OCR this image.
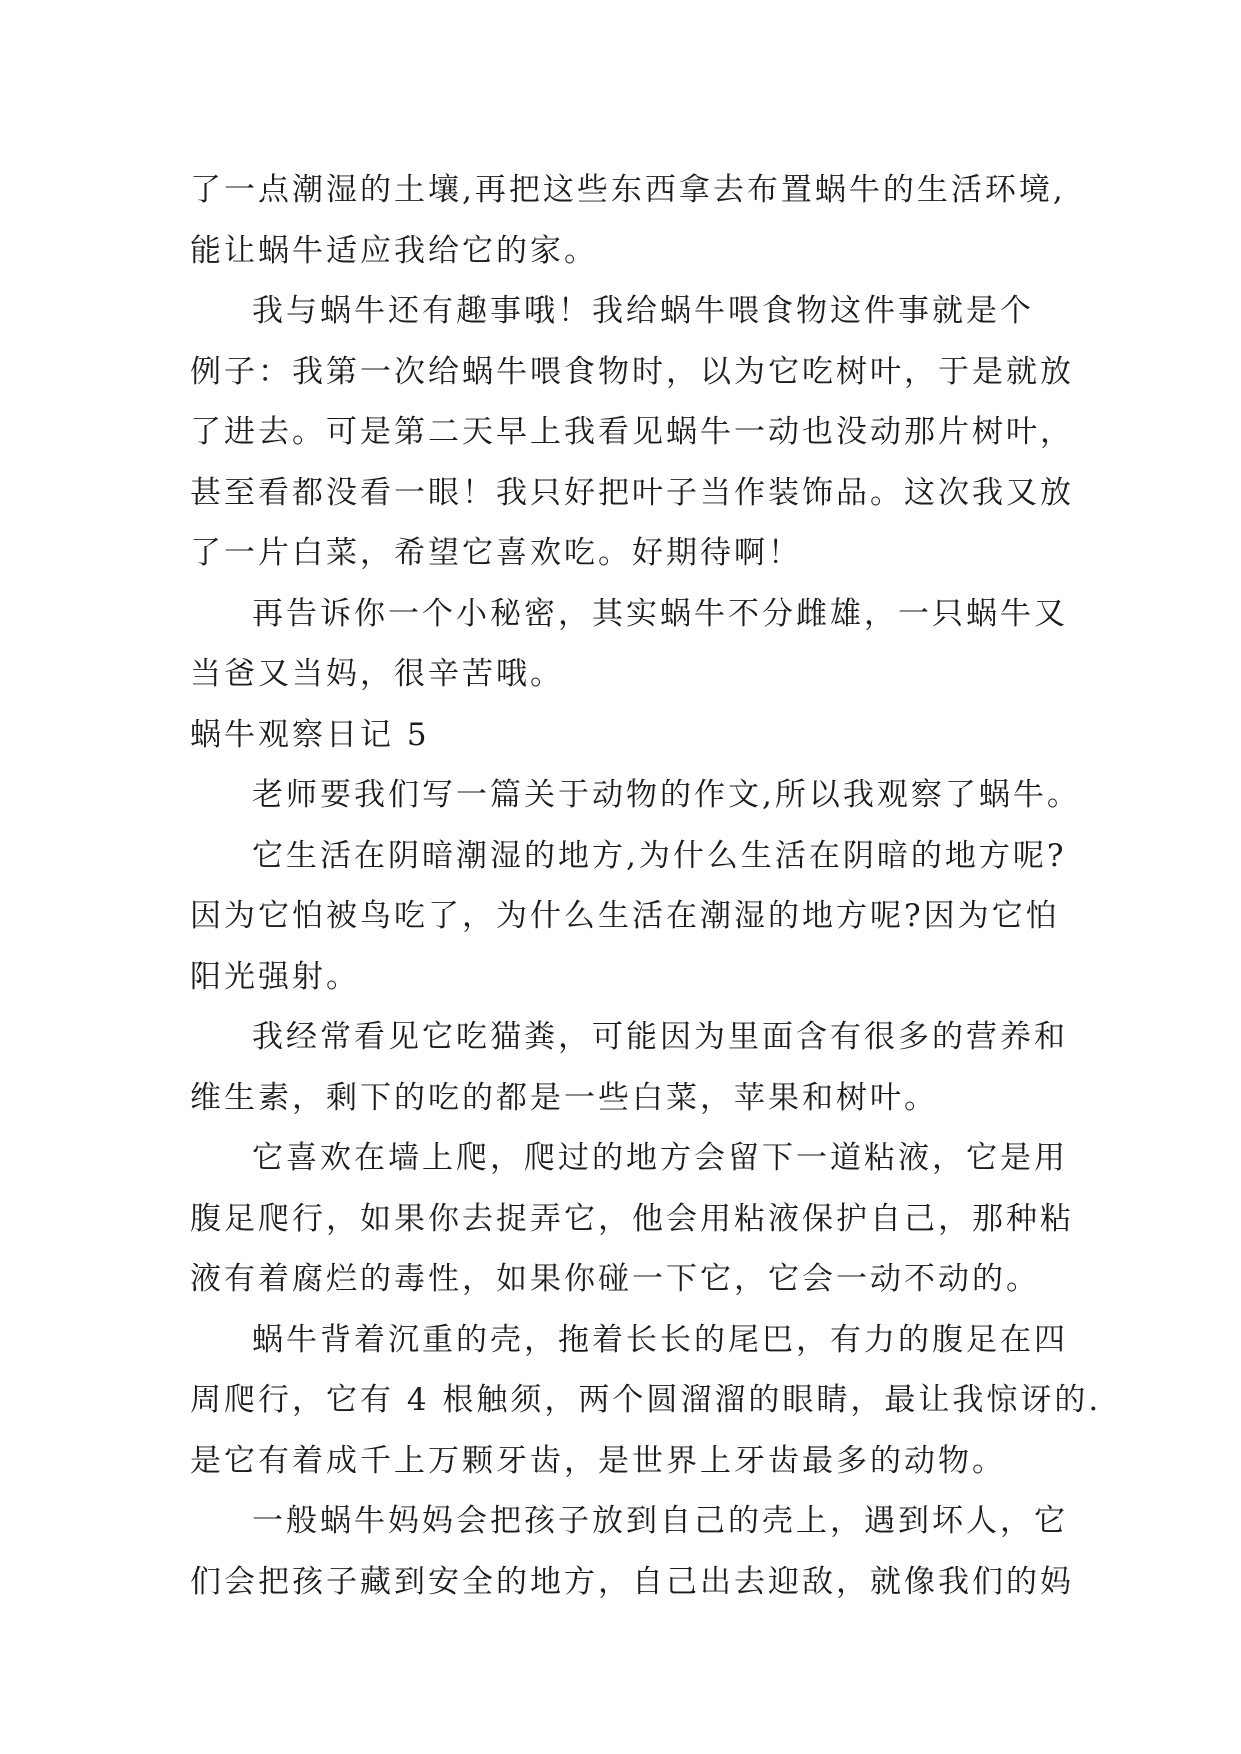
了一点潮湿的土壤,再把这些东西拿去布置蜗牛的生活环境,
能让蜗牛适应我给它的家。
我与蜗牛还有趣事哦！我给蜗牛喂食物这件事就是个
例子：我第一次给蜗牛喂食物时，以为它吃树叶，于是就放
了进去。可是第二天早上我看见蜗牛一动也没动那片树叶，
甚至看都没看一眼！我只好把叶子当作装饰品。这次我又放
了一片白菜，希望它喜欢吃。好期待啊！
再告诉你一个小秘密，其实蜗牛不分雌雄，一只蜗牛又
当爸又当妈，很辛苦哦。
蜗牛观察日记 5
老师要我们写一篇关于动物的作文,所以我观察了蜗牛。
它生活在阴暗潮湿的地方,为什么生活在阴暗的地方呢?
因为它怕被鸟吃了，为什么生活在潮湿的地方呢?因为它怕
阳光强射。
我经常看见它吃猫粪，可能因为里面含有很多的营养和
维生素，剩下的吃的都是一些白菜，苹果和树叶。
它喜欢在墙上爬，爬过的地方会留下一道粘液，它是用
腹足爬行，如果你去捉弄它，他会用粘液保护自己，那种粘
液有着腐烂的毒性，如果你碰一下它，它会一动不动的。
蜗牛背着沉重的壳，拖着长长的尾巴，有力的腹足在四
周爬行，它有 4 根触须，两个圆溜溜的眼睛，最让我惊讶的.
是它有着成千上万颗牙齿，是世界上牙齿最多的动物。
一般蜗牛妈妈会把孩子放到自己的壳上，遇到坏人，它
们会把孩子藏到安全的地方，自己出去迎敌，就像我们的妈
